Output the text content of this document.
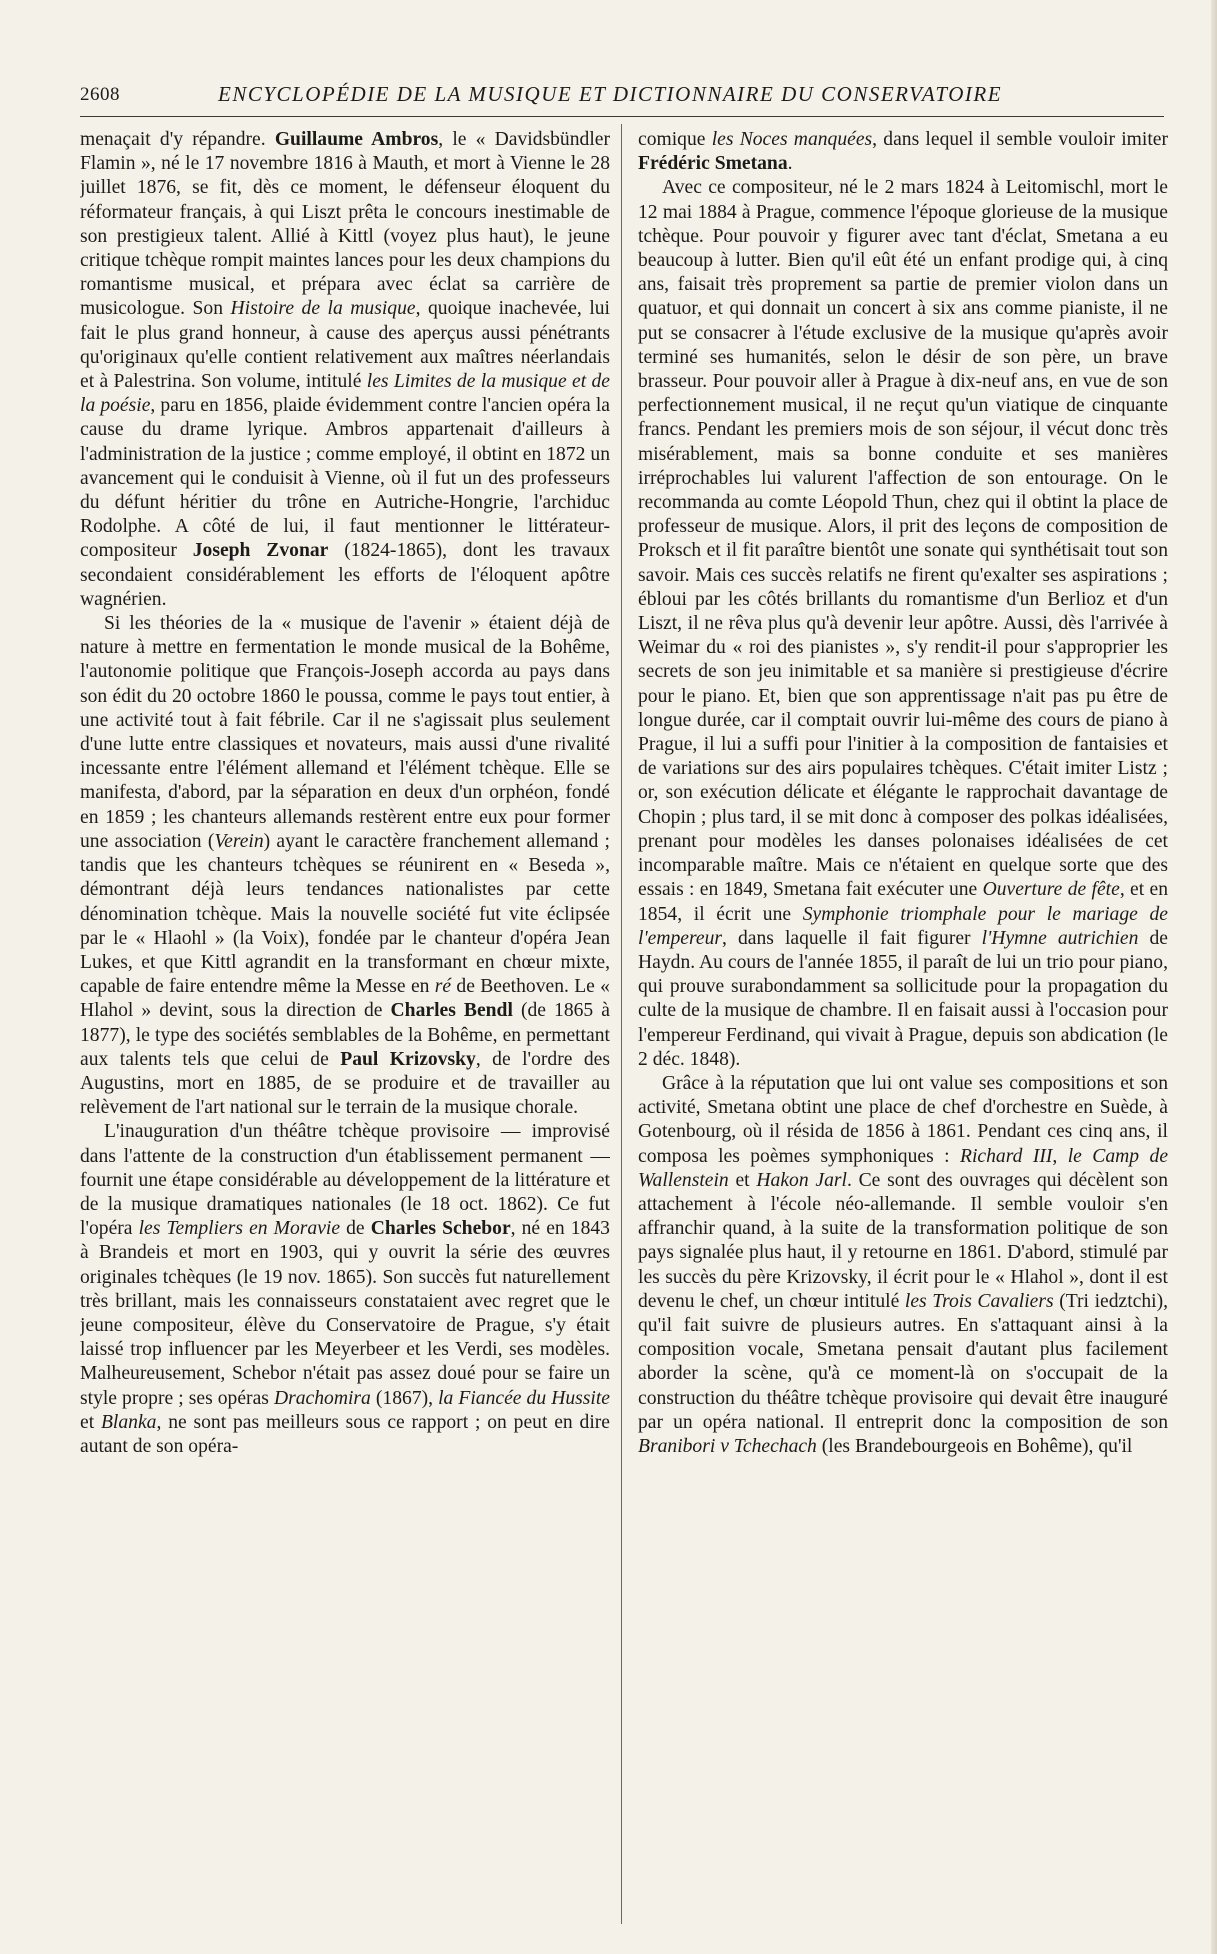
2608	ENCYCLOPÉDIE DE LA MUSIQUE ET DICTIONNAIRE DU CONSERVATOIRE

menaçait d'y répandre. Guillaume Ambros, le « Davidsbündler Flamin », né le 17 novembre 1816 à Mauth, et mort à Vienne le 28 juillet 1876, se fit, dès ce moment, le défenseur éloquent du réformateur français, à qui Liszt prêta le concours inestimable de son prestigieux talent. Allié à Kittl (voyez plus haut), le jeune critique tchèque rompit maintes lances pour les deux champions du romantisme musical, et prépara avec éclat sa carrière de musicologue. Son Histoire de la musique, quoique inachevée, lui fait le plus grand honneur, à cause des aperçus aussi pénétrants qu'originaux qu'elle contient relativement aux maîtres néerlandais et à Palestrina. Son volume, intitulé les Limites de la musique et de la poésie, paru en 1856, plaide évidemment contre l'ancien opéra la cause du drame lyrique. Ambros appartenait d'ailleurs à l'administration de la justice ; comme employé, il obtint en 1872 un avancement qui le conduisit à Vienne, où il fut un des professeurs du défunt héritier du trône en Autriche-Hongrie, l'archiduc Rodolphe. A côté de lui, il faut mentionner le littérateur-compositeur Joseph Zvonar (1824-1865), dont les travaux secondaient considérablement les efforts de l'éloquent apôtre wagnérien.

Si les théories de la « musique de l'avenir » étaient déjà de nature à mettre en fermentation le monde musical de la Bohême, l'autonomie politique que François-Joseph accorda au pays dans son édit du 20 octobre 1860 le poussa, comme le pays tout entier, à une activité tout à fait fébrile. Car il ne s'agissait plus seulement d'une lutte entre classiques et novateurs, mais aussi d'une rivalité incessante entre l'élément allemand et l'élément tchèque. Elle se manifesta, d'abord, par la séparation en deux d'un orphéon, fondé en 1859 ; les chanteurs allemands restèrent entre eux pour former une association (Verein) ayant le caractère franchement allemand ; tandis que les chanteurs tchèques se réunirent en « Beseda », démontrant déjà leurs tendances nationalistes par cette dénomination tchèque. Mais la nouvelle société fut vite éclipsée par le « Hlaohl » (la Voix), fondée par le chanteur d'opéra Jean Lukes, et que Kittl agrandit en la transformant en chœur mixte, capable de faire entendre même la Messe en ré de Beethoven. Le « Hlahol » devint, sous la direction de Charles Bendl (de 1865 à 1877), le type des sociétés semblables de la Bohême, en permettant aux talents tels que celui de Paul Krizovsky, de l'ordre des Augustins, mort en 1885, de se produire et de travailler au relèvement de l'art national sur le terrain de la musique chorale.

L'inauguration d'un théâtre tchèque provisoire — improvisé dans l'attente de la construction d'un établissement permanent — fournit une étape considérable au développement de la littérature et de la musique dramatiques nationales (le 18 oct. 1862). Ce fut l'opéra les Templiers en Moravie de Charles Schebor, né en 1843 à Brandeis et mort en 1903, qui y ouvrit la série des œuvres originales tchèques (le 19 nov. 1865). Son succès fut naturellement très brillant, mais les connaisseurs constataient avec regret que le jeune compositeur, élève du Conservatoire de Prague, s'y était laissé trop influencer par les Meyerbeer et les Verdi, ses modèles. Malheureusement, Schebor n'était pas assez doué pour se faire un style propre ; ses opéras Drachomira (1867), la Fiancée du Hussite et Blanka, ne sont pas meilleurs sous ce rapport ; on peut en dire autant de son opéra-

comique les Noces manquées, dans lequel il semble vouloir imiter Frédéric Smetana.

Avec ce compositeur, né le 2 mars 1824 à Leitomischl, mort le 12 mai 1884 à Prague, commence l'époque glorieuse de la musique tchèque. Pour pouvoir y figurer avec tant d'éclat, Smetana a eu beaucoup à lutter. Bien qu'il eût été un enfant prodige qui, à cinq ans, faisait très proprement sa partie de premier violon dans un quatuor, et qui donnait un concert à six ans comme pianiste, il ne put se consacrer à l'étude exclusive de la musique qu'après avoir terminé ses humanités, selon le désir de son père, un brave brasseur. Pour pouvoir aller à Prague à dix-neuf ans, en vue de son perfectionnement musical, il ne reçut qu'un viatique de cinquante francs. Pendant les premiers mois de son séjour, il vécut donc très misérablement, mais sa bonne conduite et ses manières irréprochables lui valurent l'affection de son entourage. On le recommanda au comte Léopold Thun, chez qui il obtint la place de professeur de musique. Alors, il prit des leçons de composition de Proksch et il fit paraître bientôt une sonate qui synthétisait tout son savoir. Mais ces succès relatifs ne firent qu'exalter ses aspirations ; ébloui par les côtés brillants du romantisme d'un Berlioz et d'un Liszt, il ne rêva plus qu'à devenir leur apôtre. Aussi, dès l'arrivée à Weimar du « roi des pianistes », s'y rendit-il pour s'approprier les secrets de son jeu inimitable et sa manière si prestigieuse d'écrire pour le piano. Et, bien que son apprentissage n'ait pas pu être de longue durée, car il comptait ouvrir lui-même des cours de piano à Prague, il lui a suffi pour l'initier à la composition de fantaisies et de variations sur des airs populaires tchèques. C'était imiter Listz ; or, son exécution délicate et élégante le rapprochait davantage de Chopin ; plus tard, il se mit donc à composer des polkas idéalisées, prenant pour modèles les danses polonaises idéalisées de cet incomparable maître. Mais ce n'étaient en quelque sorte que des essais : en 1849, Smetana fait exécuter une Ouverture de fête, et en 1854, il écrit une Symphonie triomphale pour le mariage de l'empereur, dans laquelle il fait figurer l'Hymne autrichien de Haydn. Au cours de l'année 1855, il paraît de lui un trio pour piano, qui prouve surabondamment sa sollicitude pour la propagation du culte de la musique de chambre. Il en faisait aussi à l'occasion pour l'empereur Ferdinand, qui vivait à Prague, depuis son abdication (le 2 déc. 1848).

Grâce à la réputation que lui ont value ses compositions et son activité, Smetana obtint une place de chef d'orchestre en Suède, à Gotenbourg, où il résida de 1856 à 1861. Pendant ces cinq ans, il composa les poèmes symphoniques : Richard III, le Camp de Wallenstein et Hakon Jarl. Ce sont des ouvrages qui décèlent son attachement à l'école néo-allemande. Il semble vouloir s'en affranchir quand, à la suite de la transformation politique de son pays signalée plus haut, il y retourne en 1861. D'abord, stimulé par les succès du père Krizovsky, il écrit pour le « Hlahol », dont il est devenu le chef, un chœur intitulé les Trois Cavaliers (Tri iedztchi), qu'il fait suivre de plusieurs autres. En s'attaquant ainsi à la composition vocale, Smetana pensait d'autant plus facilement aborder la scène, qu'à ce moment-là on s'occupait de la construction du théâtre tchèque provisoire qui devait être inauguré par un opéra national. Il entreprit donc la composition de son Branibori v Tchechach (les Brandebourgeois en Bohême), qu'il
